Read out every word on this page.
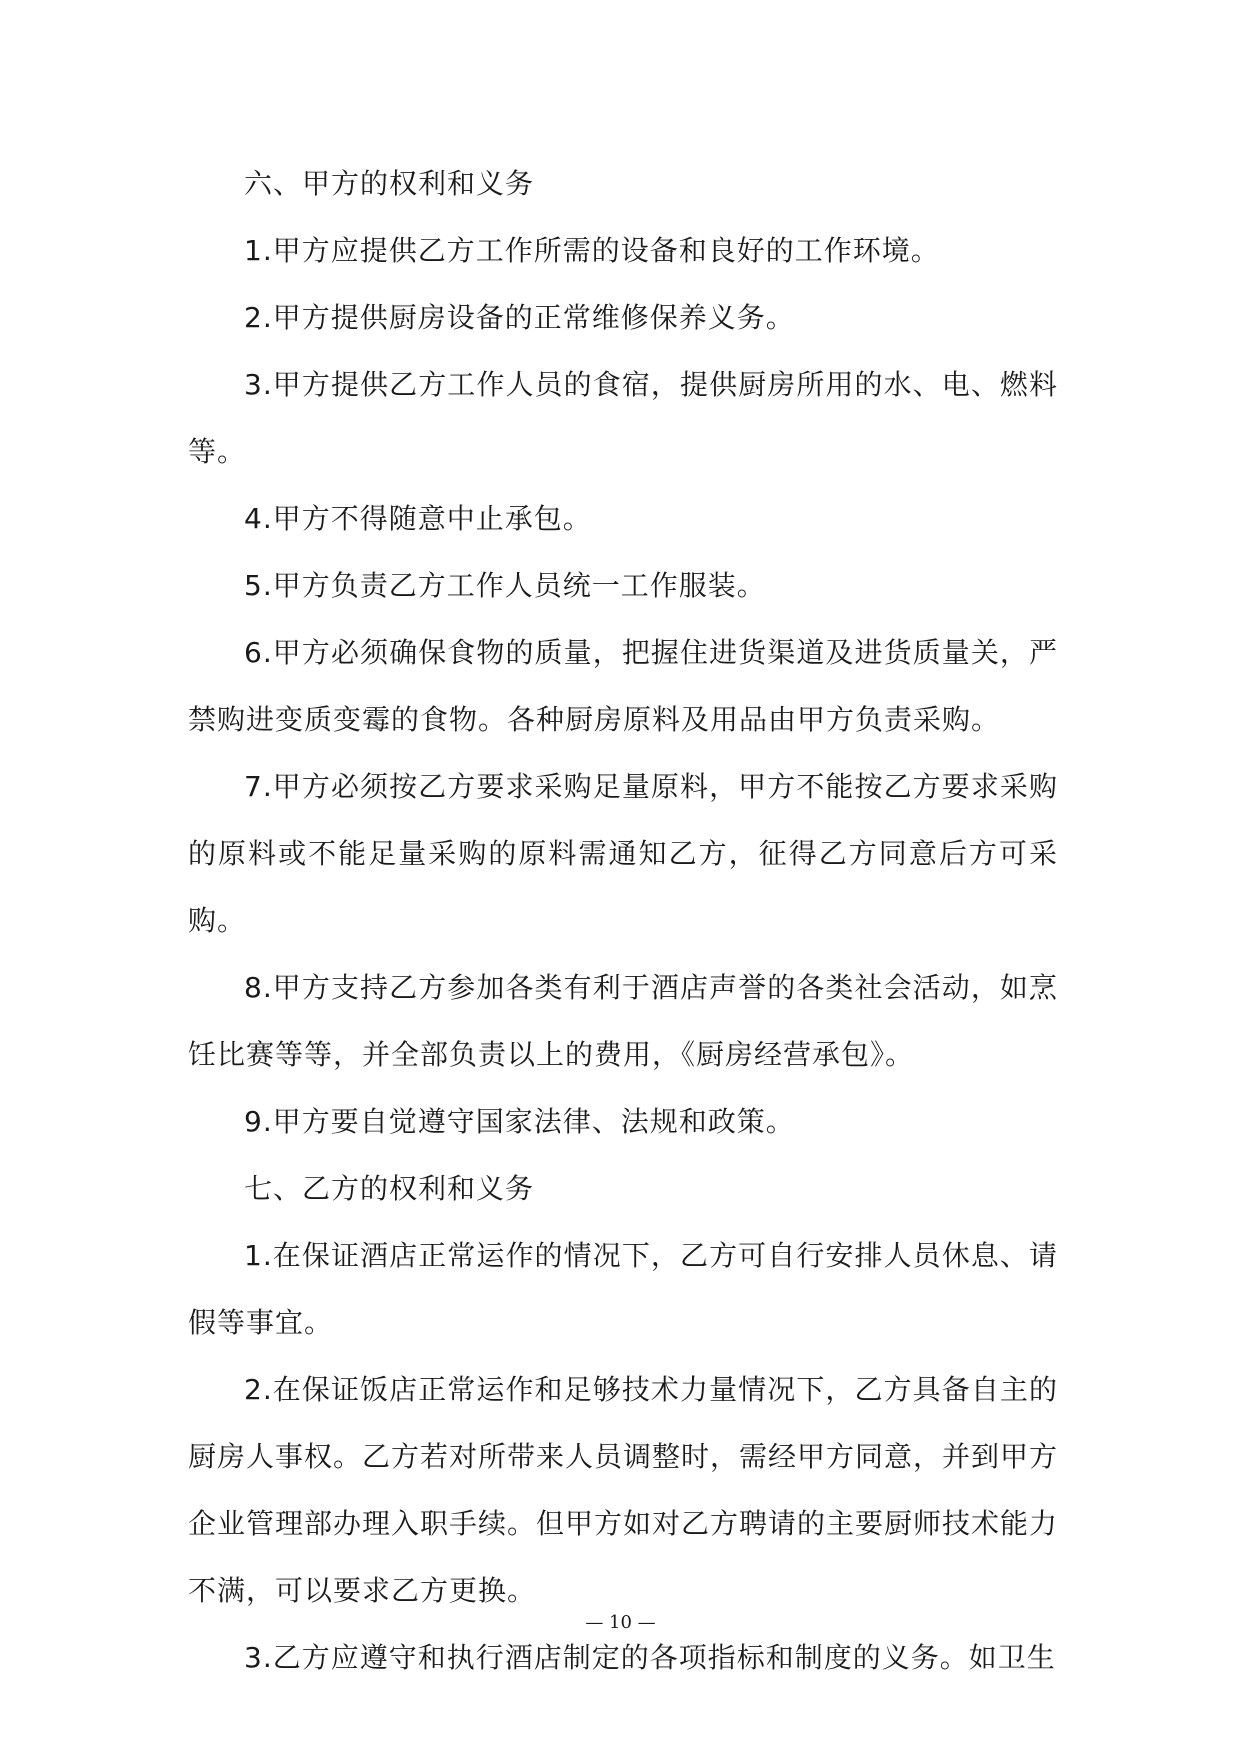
六、甲方的权利和义务

1.甲方应提供乙方工作所需的设备和良好的工作环境。

2.甲方提供厨房设备的正常维修保养义务。

3.甲方提供乙方工作人员的食宿，提供厨房所用的水、电、燃料等。

4.甲方不得随意中止承包。

5.甲方负责乙方工作人员统一工作服装。

6.甲方必须确保食物的质量，把握住进货渠道及进货质量关，严禁购进变质变霉的食物。各种厨房原料及用品由甲方负责采购。

7.甲方必须按乙方要求采购足量原料，甲方不能按乙方要求采购的原料或不能足量采购的原料需通知乙方，征得乙方同意后方可采购。

8.甲方支持乙方参加各类有利于酒店声誉的各类社会活动，如烹饪比赛等等，并全部负责以上的费用，《厨房经营承包》。

9.甲方要自觉遵守国家法律、法规和政策。

七、乙方的权利和义务

1.在保证酒店正常运作的情况下，乙方可自行安排人员休息、请假等事宜。

2.在保证饭店正常运作和足够技术力量情况下，乙方具备自主的厨房人事权。乙方若对所带来人员调整时，需经甲方同意，并到甲方企业管理部办理入职手续。但甲方如对乙方聘请的主要厨师技术能力不满，可以要求乙方更换。

3.乙方应遵守和执行酒店制定的各项指标和制度的义务。如卫生

— 10 —
